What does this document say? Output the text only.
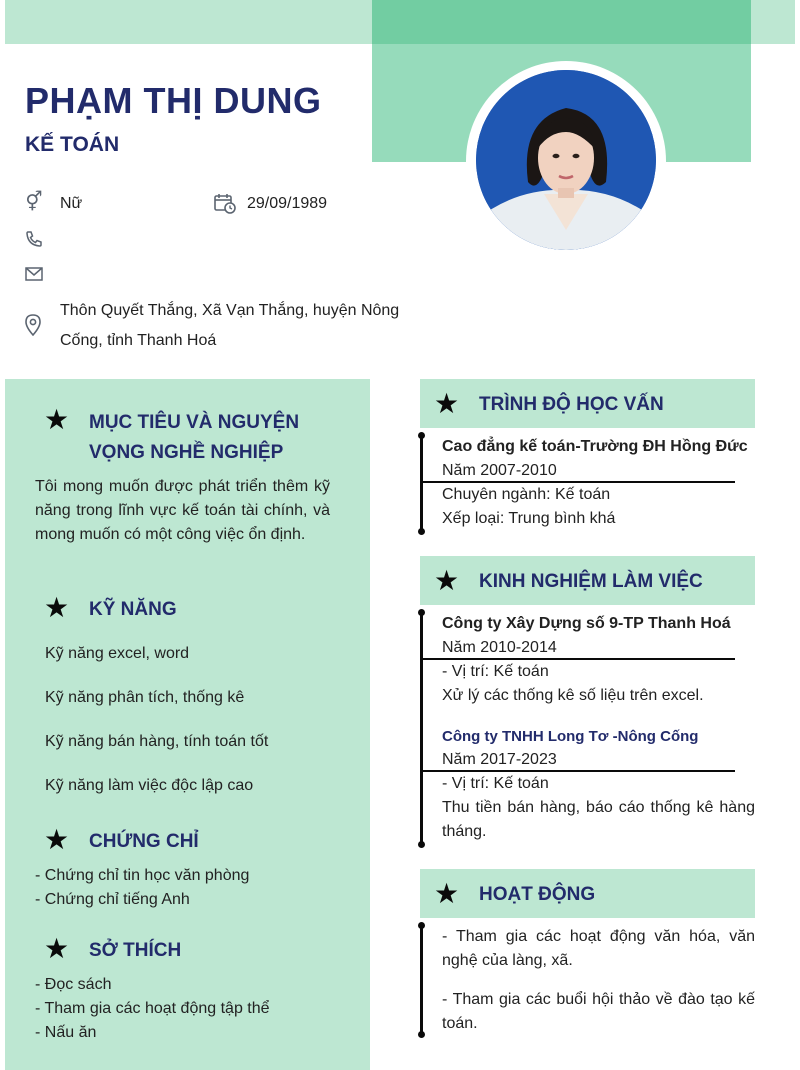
PHẠM THỊ DUNG
KẾ TOÁN
⚥ Nữ	29/09/1989
Thôn Quyết Thắng, Xã Vạn Thắng, huyện Nông Cống, tỉnh Thanh Hoá
★ MỤC TIÊU VÀ NGUYỆN
VỌNG NGHỀ NGHIỆP
Tôi mong muốn được phát triển thêm kỹ năng trong lĩnh vực kế toán tài chính, và mong muốn có một công việc ổn định.
★ KỸ NĂNG
Kỹ năng excel, word
Kỹ năng phân tích, thống kê
Kỹ năng bán hàng, tính toán tốt
Kỹ năng làm việc độc lập cao
★ CHỨNG CHỈ
- Chứng chỉ tin học văn phòng
- Chứng chỉ tiếng Anh
★ SỞ THÍCH
- Đọc sách
- Tham gia các hoạt động tập thể
- Nấu ăn
★ TRÌNH ĐỘ HỌC VẤN
Cao đẳng kế toán-Trường ĐH Hồng Đức
Năm 2007-2010
Chuyên ngành: Kế toán
Xếp loại: Trung bình khá
★ KINH NGHIỆM LÀM VIỆC
Công ty Xây Dựng số 9-TP Thanh Hoá
Năm 2010-2014
- Vị trí: Kế toán
Xử lý các thống kê số liệu trên excel.
Công ty TNHH Long Tơ -Nông Cống
Năm 2017-2023
- Vị trí: Kế toán
Thu tiền bán hàng, báo cáo thống kê hàng tháng.
★ HOẠT ĐỘNG
- Tham gia các hoạt động văn hóa, văn nghệ của làng, xã.
- Tham gia các buổi hội thảo về đào tạo kế toán.
